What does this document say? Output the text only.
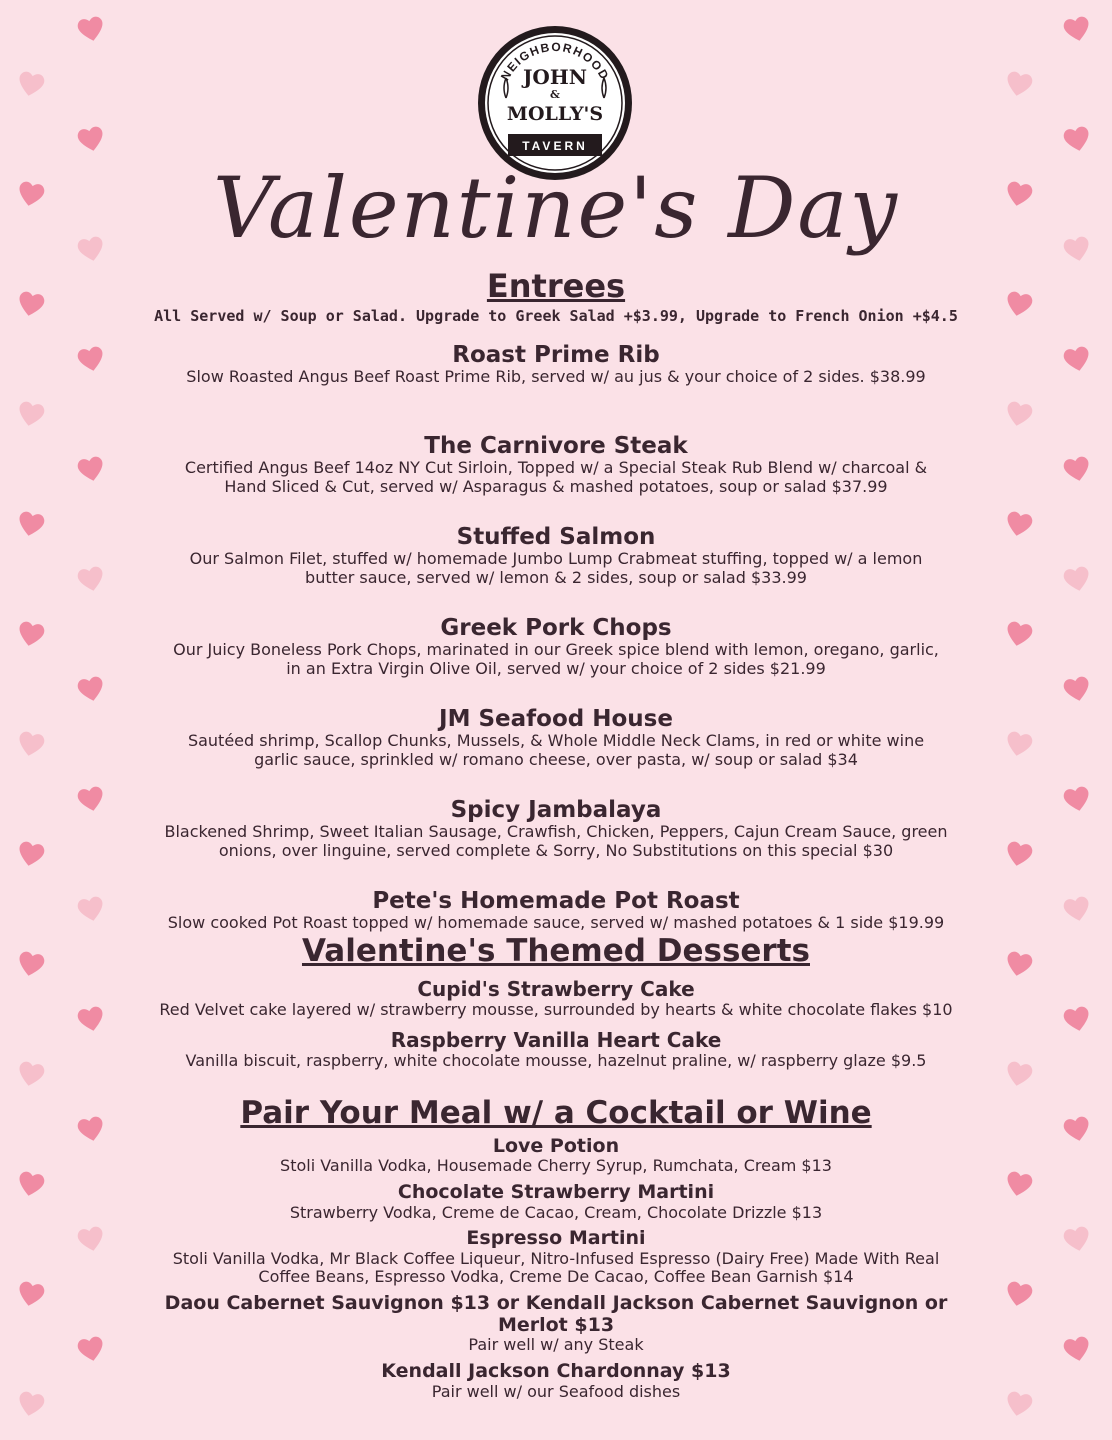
NEIGHBORHOOD
JOHN
&
MOLLY'S
TAVERN
Valentine's Day

Entrees

All Served w/ Soup or Salad. Upgrade to Greek Salad +$3.99, Upgrade to French Onion +$4.5

Roast Prime Rib

Slow Roasted Angus Beef Roast Prime Rib, served w/ au jus & your choice of 2 sides. $38.99

The Carnivore Steak

Certified Angus Beef 14oz NY Cut Sirloin, Topped w/ a Special Steak Rub Blend w/ charcoal &

Hand Sliced & Cut, served w/ Asparagus & mashed potatoes, soup or salad $37.99

Stuffed Salmon

Our Salmon Filet, stuffed w/ homemade Jumbo Lump Crabmeat stuffing, topped w/ a lemon

butter sauce, served w/ lemon & 2 sides, soup or salad $33.99

Greek Pork Chops

Our Juicy Boneless Pork Chops, marinated in our Greek spice blend with lemon, oregano, garlic,

in an Extra Virgin Olive Oil, served w/ your choice of 2 sides $21.99

JM Seafood House

Sautéed shrimp, Scallop Chunks, Mussels, & Whole Middle Neck Clams, in red or white wine

garlic sauce, sprinkled w/ romano cheese, over pasta, w/ soup or salad $34

Spicy Jambalaya

Blackened Shrimp, Sweet Italian Sausage, Crawfish, Chicken, Peppers, Cajun Cream Sauce, green

onions, over linguine, served complete & Sorry, No Substitutions on this special $30

Pete's Homemade Pot Roast

Slow cooked Pot Roast topped w/ homemade sauce, served w/ mashed potatoes & 1 side $19.99

Valentine's Themed Desserts

Cupid's Strawberry Cake

Red Velvet cake layered w/ strawberry mousse, surrounded by hearts & white chocolate flakes $10

Raspberry Vanilla Heart Cake

Vanilla biscuit, raspberry, white chocolate mousse, hazelnut praline, w/ raspberry glaze $9.5

Pair Your Meal w/ a Cocktail or Wine

Love Potion

Stoli Vanilla Vodka, Housemade Cherry Syrup, Rumchata, Cream $13

Chocolate Strawberry Martini

Strawberry Vodka, Creme de Cacao, Cream, Chocolate Drizzle $13

Espresso Martini

Stoli Vanilla Vodka, Mr Black Coffee Liqueur, Nitro-Infused Espresso (Dairy Free) Made With Real

Coffee Beans, Espresso Vodka, Creme De Cacao, Coffee Bean Garnish $14

Daou Cabernet Sauvignon $13 or Kendall Jackson Cabernet Sauvignon or Merlot $13

Pair well w/ any Steak

Kendall Jackson Chardonnay $13

Pair well w/ our Seafood dishes
